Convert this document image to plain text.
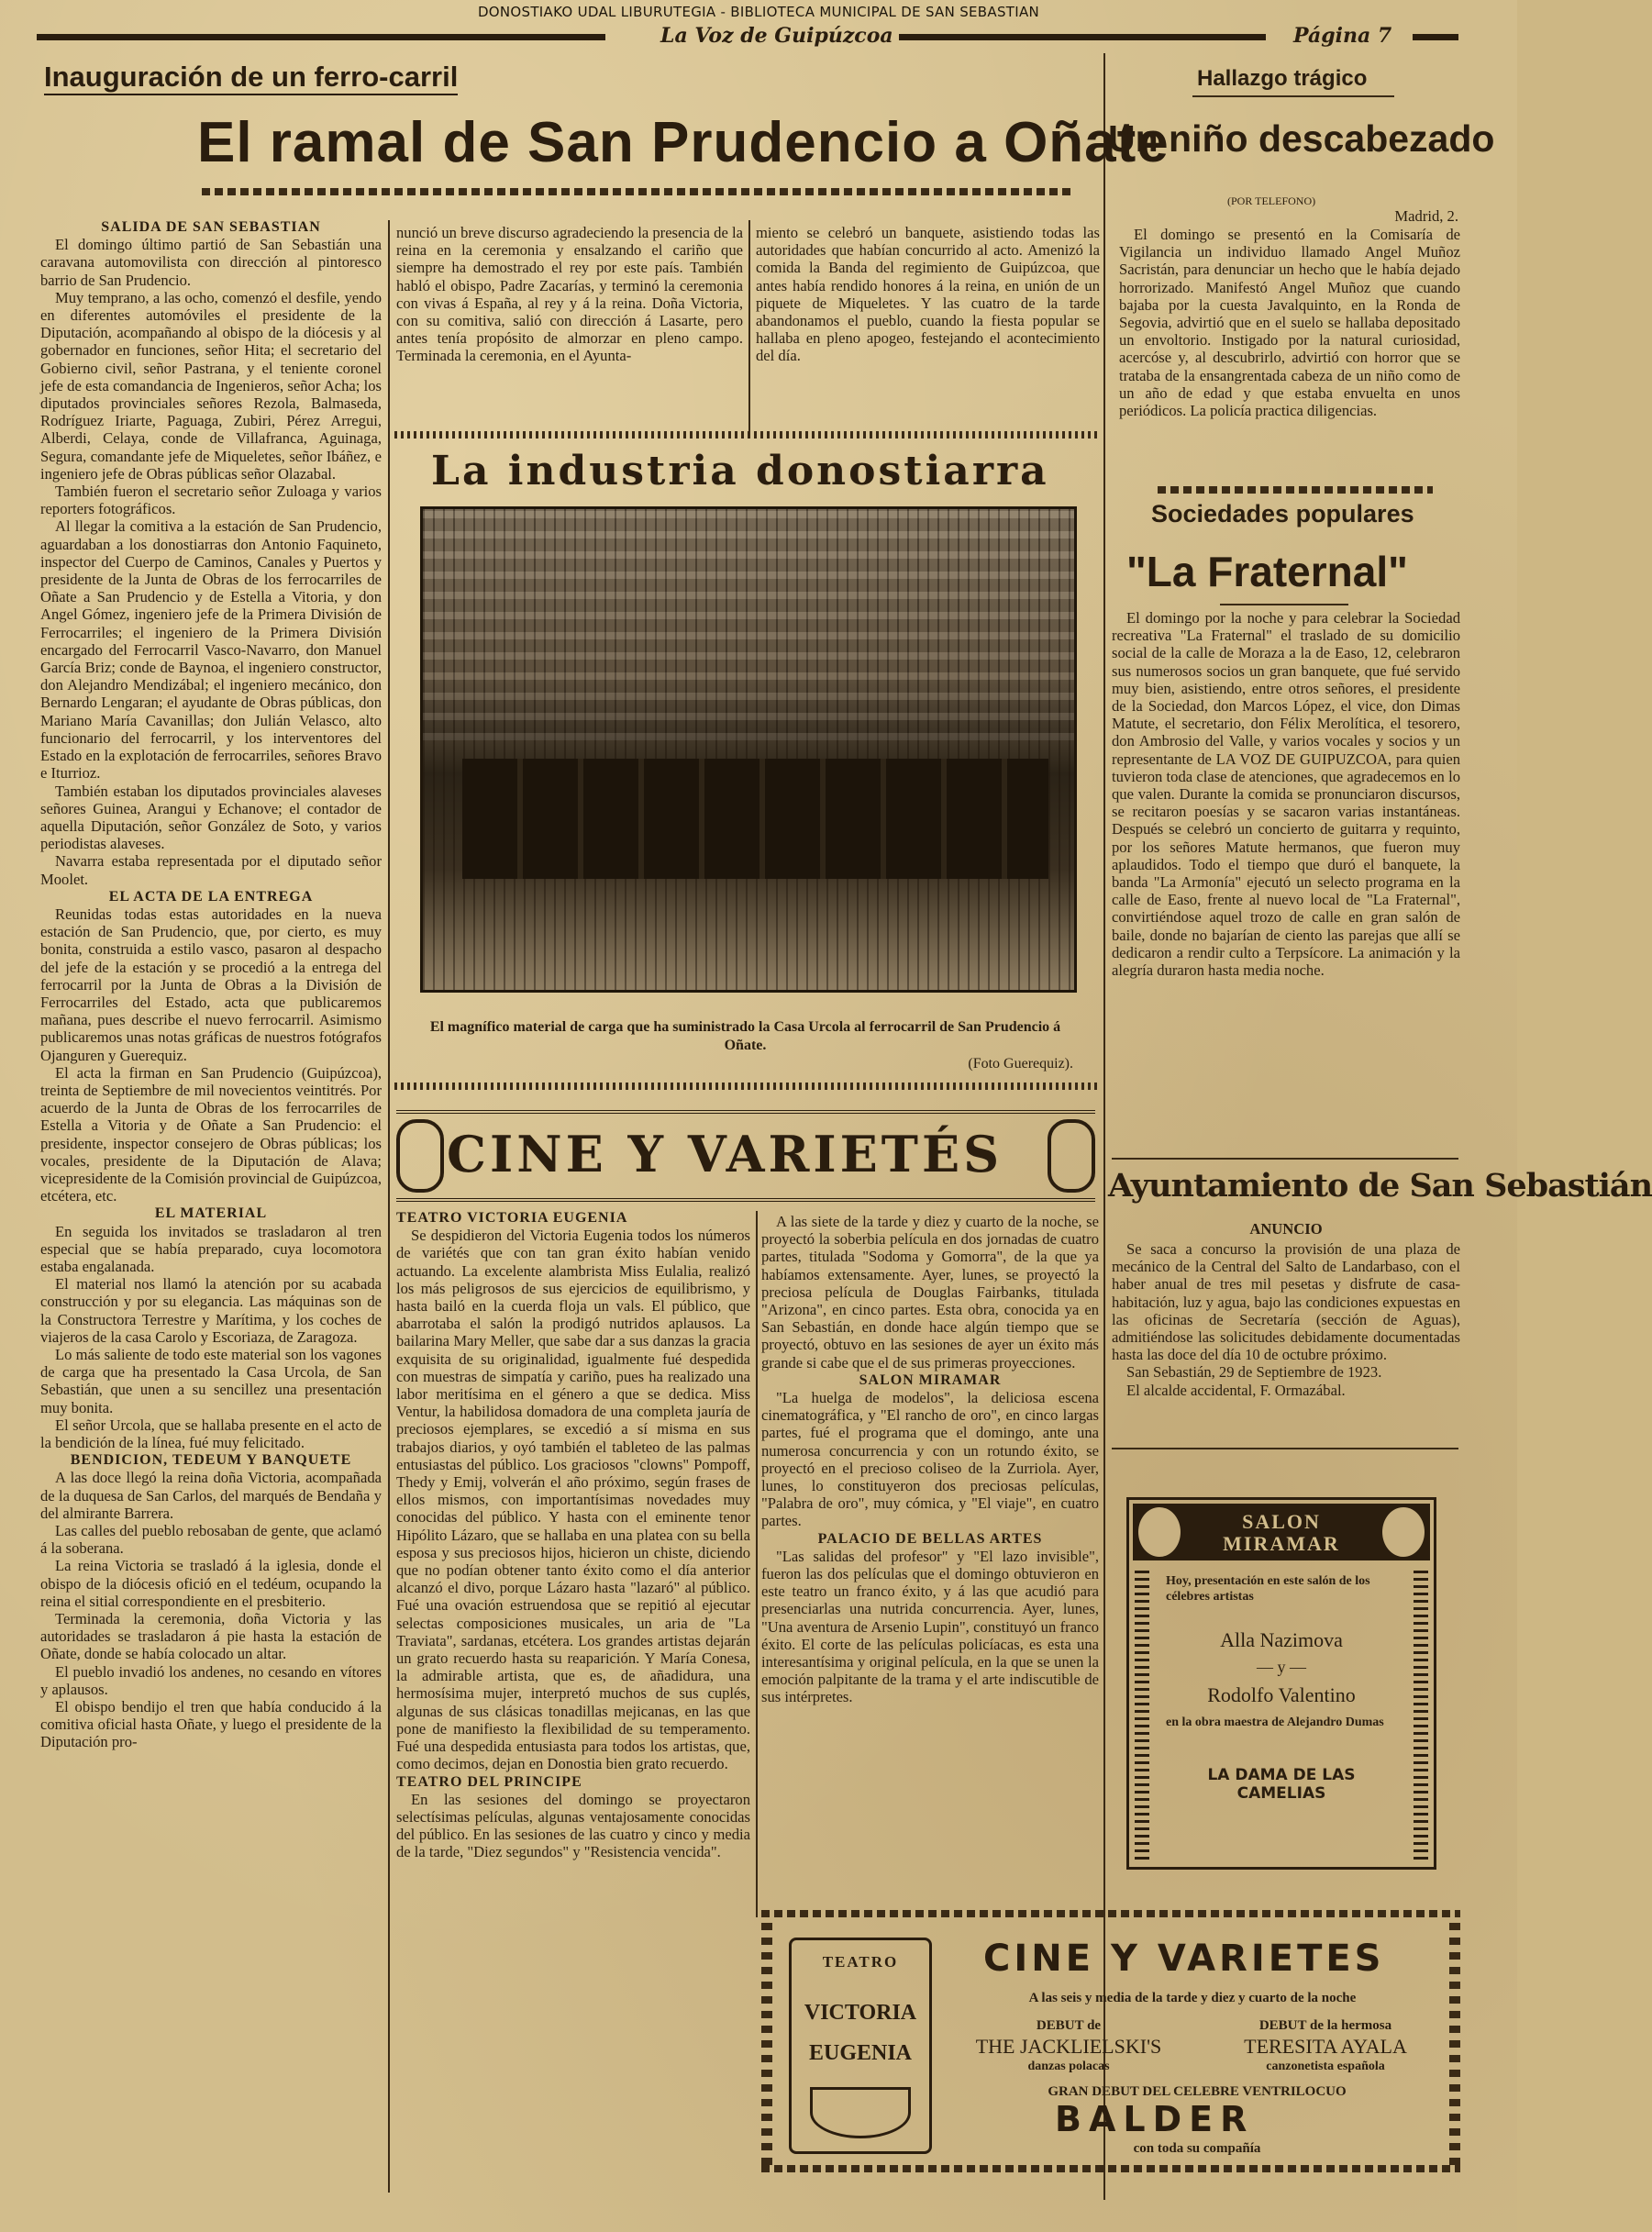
DONOSTIAKO UDAL LIBURUTEGIA - BIBLIOTECA MUNICIPAL DE SAN SEBASTIAN
La Voz de Guipúzcoa	Página 7
Inauguración de un ferro-carril
El ramal de San Prudencio a Oñate

SALIDA DE SAN SEBASTIAN

El domingo último partió de San Sebastián una caravana automovilista con dirección al pintoresco barrio de San Prudencio.

Muy temprano, a las ocho, comenzó el desfile, yendo en diferentes automóviles el presidente de la Diputación, acompañando al obispo de la diócesis y al gobernador en funciones, señor Hita; el secretario del Gobierno civil, señor Pastrana, y el teniente coronel jefe de esta comandancia de Ingenieros, señor Acha; los diputados provinciales señores Rezola, Balmaseda, Rodríguez Iriarte, Paguaga, Zubiri, Pérez Arregui, Alberdi, Celaya, conde de Villafranca, Aguinaga, Segura, comandante jefe de Miqueletes, señor Ibáñez, e ingeniero jefe de Obras públicas señor Olazabal.

También fueron el secretario señor Zuloaga y varios reporters fotográficos.

Al llegar la comitiva a la estación de San Prudencio, aguardaban a los donostiarras don Antonio Faquineto, inspector del Cuerpo de Caminos, Canales y Puertos y presidente de la Junta de Obras de los ferrocarriles de Oñate a San Prudencio y de Estella a Vitoria, y don Angel Gómez, ingeniero jefe de la Primera División de Ferrocarriles; el ingeniero de la Primera División encargado del Ferrocarril Vasco-Navarro, don Manuel García Briz; conde de Baynoa, el ingeniero constructor, don Alejandro Mendizábal; el ingeniero mecánico, don Bernardo Lengaran; el ayudante de Obras públicas, don Mariano María Cavanillas; don Julián Velasco, alto funcionario del ferrocarril, y los interventores del Estado en la explotación de ferrocarriles, señores Bravo e Iturrioz.

También estaban los diputados provinciales alaveses señores Guinea, Arangui y Echanove; el contador de aquella Diputación, señor González de Soto, y varios periodistas alaveses.

Navarra estaba representada por el diputado señor Moolet.

EL ACTA DE LA ENTREGA

Reunidas todas estas autoridades en la nueva estación de San Prudencio, que, por cierto, es muy bonita, construida a estilo vasco, pasaron al despacho del jefe de la estación y se procedió a la entrega del ferrocarril por la Junta de Obras a la División de Ferrocarriles del Estado, acta que publicaremos mañana, pues describe el nuevo ferrocarril. Asimismo publicaremos unas notas gráficas de nuestros fotógrafos Ojanguren y Guerequiz.

El acta la firman en San Prudencio (Guipúzcoa), treinta de Septiembre de mil novecientos veintitrés. Por acuerdo de la Junta de Obras de los ferrocarriles de Estella a Vitoria y de Oñate a San Prudencio: el presidente, inspector consejero de Obras públicas; los vocales, presidente de la Diputación de Alava; vicepresidente de la Comisión provincial de Guipúzcoa, etcétera, etc.

EL MATERIAL

En seguida los invitados se trasladaron al tren especial que se había preparado, cuya locomotora estaba engalanada.

El material nos llamó la atención por su acabada construcción y por su elegancia. Las máquinas son de la Constructora Terrestre y Marítima, y los coches de viajeros de la casa Carolo y Escoriaza, de Zaragoza.

Lo más saliente de todo este material son los vagones de carga que ha presentado la Casa Urcola, de San Sebastián, que unen a su sencillez una presentación muy bonita.

El señor Urcola, que se hallaba presente en el acto de la bendición de la línea, fué muy felicitado.

BENDICION, TEDEUM Y BANQUETE

A las doce llegó la reina doña Victoria, acompañada de la duquesa de San Carlos, del marqués de Bendaña y del almirante Barrera.

Las calles del pueblo rebosaban de gente, que aclamó á la soberana.

La reina Victoria se trasladó á la iglesia, donde el obispo de la diócesis ofició en el tedéum, ocupando la reina el sitial correspondiente en el presbiterio.

Terminada la ceremonia, doña Victoria y las autoridades se trasladaron á pie hasta la estación de Oñate, donde se había colocado un altar.

El pueblo invadió los andenes, no cesando en vítores y aplausos.

El obispo bendijo el tren que había conducido á la comitiva oficial hasta Oñate, y luego el presidente de la Diputación pro-

nunció un breve discurso agradeciendo la presencia de la reina en la ceremonia y ensalzando el cariño que siempre ha demostrado el rey por este país. También habló el obispo, Padre Zacarías, y terminó la ceremonia con vivas á España, al rey y á la reina. Doña Victoria, con su comitiva, salió con dirección á Lasarte, pero antes tenía propósito de almorzar en pleno campo. Terminada la ceremonia, en el Ayunta-

miento se celebró un banquete, asistiendo todas las autoridades que habían concurrido al acto. Amenizó la comida la Banda del regimiento de Guipúzcoa, que antes había rendido honores á la reina, en unión de un piquete de Miqueletes. Y las cuatro de la tarde abandonamos el pueblo, cuando la fiesta popular se hallaba en pleno apogeo, festejando el acontecimiento del día.

La industria donostiarra
El magnífico material de carga que ha suministrado la Casa Urcola al ferrocarril de San Prudencio á Oñate.
(Foto Guerequiz).
CINE Y VARIETÉS

TEATRO VICTORIA EUGENIA

Se despidieron del Victoria Eugenia todos los números de variétés que con tan gran éxito habían venido actuando. La excelente alambrista Miss Eulalia, realizó los más peligrosos de sus ejercicios de equilibrismo, y hasta bailó en la cuerda floja un vals. El público, que abarrotaba el salón la prodigó nutridos aplausos. La bailarina Mary Meller, que sabe dar a sus danzas la gracia exquisita de su originalidad, igualmente fué despedida con muestras de simpatía y cariño, pues ha realizado una labor meritísima en el género a que se dedica. Miss Ventur, la habilidosa domadora de una completa jauría de preciosos ejemplares, se excedió a sí misma en sus trabajos diarios, y oyó también el tableteo de las palmas entusiastas del público. Los graciosos "clowns" Pompoff, Thedy y Emij, volverán el año próximo, según frases de ellos mismos, con importantísimas novedades muy conocidas del público. Y hasta con el eminente tenor Hipólito Lázaro, que se hallaba en una platea con su bella esposa y sus preciosos hijos, hicieron un chiste, diciendo que no podían obtener tanto éxito como el día anterior alcanzó el divo, porque Lázaro hasta "lazaró" al público. Fué una ovación estruendosa que se repitió al ejecutar selectas composiciones musicales, un aria de "La Traviata", sardanas, etcétera. Los grandes artistas dejarán un grato recuerdo hasta su reaparición. Y María Conesa, la admirable artista, que es, de añadidura, una hermosísima mujer, interpretó muchos de sus cuplés, algunas de sus clásicas tonadillas mejicanas, en las que pone de manifiesto la flexibilidad de su temperamento. Fué una despedida entusiasta para todos los artistas, que, como decimos, dejan en Donostia bien grato recuerdo.

TEATRO DEL PRINCIPE

En las sesiones del domingo se proyectaron selectísimas películas, algunas ventajosamente conocidas del público. En las sesiones de las cuatro y cinco y media de la tarde, "Diez segundos" y "Resistencia vencida".

A las siete de la tarde y diez y cuarto de la noche, se proyectó la soberbia película en dos jornadas de cuatro partes, titulada "Sodoma y Gomorra", de la que ya habíamos extensamente. Ayer, lunes, se proyectó la preciosa película de Douglas Fairbanks, titulada "Arizona", en cinco partes. Esta obra, conocida ya en San Sebastián, en donde hace algún tiempo que se proyectó, obtuvo en las sesiones de ayer un éxito más grande si cabe que el de sus primeras proyecciones.

SALON MIRAMAR

"La huelga de modelos", la deliciosa escena cinematográfica, y "El rancho de oro", en cinco largas partes, fué el programa que el domingo, ante una numerosa concurrencia y con un rotundo éxito, se proyectó en el precioso coliseo de la Zurriola. Ayer, lunes, lo constituyeron dos preciosas películas, "Palabra de oro", muy cómica, y "El viaje", en cuatro partes.

PALACIO DE BELLAS ARTES

"Las salidas del profesor" y "El lazo invisible", fueron las dos películas que el domingo obtuvieron en este teatro un franco éxito, y á las que acudió para presenciarlas una nutrida concurrencia. Ayer, lunes, "Una aventura de Arsenio Lupin", constituyó un franco éxito. El corte de las películas policíacas, es esta una interesantísima y original película, en la que se unen la emoción palpitante de la trama y el arte indiscutible de sus intérpretes.

Hallazgo trágico
Un niño descabezado
(POR TELEFONO)
Madrid, 2.

El domingo se presentó en la Comisaría de Vigilancia un individuo llamado Angel Muñoz Sacristán, para denunciar un hecho que le había dejado horrorizado. Manifestó Angel Muñoz que cuando bajaba por la cuesta Javalquinto, en la Ronda de Segovia, advirtió que en el suelo se hallaba depositado un envoltorio. Instigado por la natural curiosidad, acercóse y, al descubrirlo, advirtió con horror que se trataba de la ensangrentada cabeza de un niño como de un año de edad y que estaba envuelta en unos periódicos. La policía practica diligencias.

Sociedades populares
"La Fraternal"

El domingo por la noche y para celebrar la Sociedad recreativa "La Fraternal" el traslado de su domicilio social de la calle de Moraza a la de Easo, 12, celebraron sus numerosos socios un gran banquete, que fué servido muy bien, asistiendo, entre otros señores, el presidente de la Sociedad, don Marcos López, el vice, don Dimas Matute, el secretario, don Félix Merolítica, el tesorero, don Ambrosio del Valle, y varios vocales y socios y un representante de LA VOZ DE GUIPUZCOA, para quien tuvieron toda clase de atenciones, que agradecemos en lo que valen. Durante la comida se pronunciaron discursos, se recitaron poesías y se sacaron varias instantáneas. Después se celebró un concierto de guitarra y requinto, por los señores Matute hermanos, que fueron muy aplaudidos. Todo el tiempo que duró el banquete, la banda "La Armonía" ejecutó un selecto programa en la calle de Easo, frente al nuevo local de "La Fraternal", convirtiéndose aquel trozo de calle en gran salón de baile, donde no bajarían de ciento las parejas que allí se dedicaron a rendir culto a Terpsícore. La animación y la alegría duraron hasta media noche.

Ayuntamiento de San Sebastián
ANUNCIO

Se saca a concurso la provisión de una plaza de mecánico de la Central del Salto de Landarbaso, con el haber anual de tres mil pesetas y disfrute de casa-habitación, luz y agua, bajo las condiciones expuestas en las oficinas de Secretaría (sección de Aguas), admitiéndose las solicitudes debidamente documentadas hasta las doce del día 10 de octubre próximo.

San Sebastián, 29 de Septiembre de 1923.

El alcalde accidental, F. Ormazábal.

SALON MIRAMAR
Hoy, presentación en este salón de los célebres artistas
Alla Nazimova
— y —
Rodolfo Valentino
en la obra maestra de Alejandro Dumas
LA DAMA DE LAS CAMELIAS
TEATRO
VICTORIA
EUGENIA
CINE Y VARIETES
A las seis y media de la tarde y diez y cuarto de la noche
DEBUT de
THE JACKLIELSKI'S
danzas polacas
DEBUT de la hermosa
TERESITA AYALA
canzonetista española
GRAN DEBUT DEL CELEBRE VENTRILOCUO
BALDER
con toda su compañía
